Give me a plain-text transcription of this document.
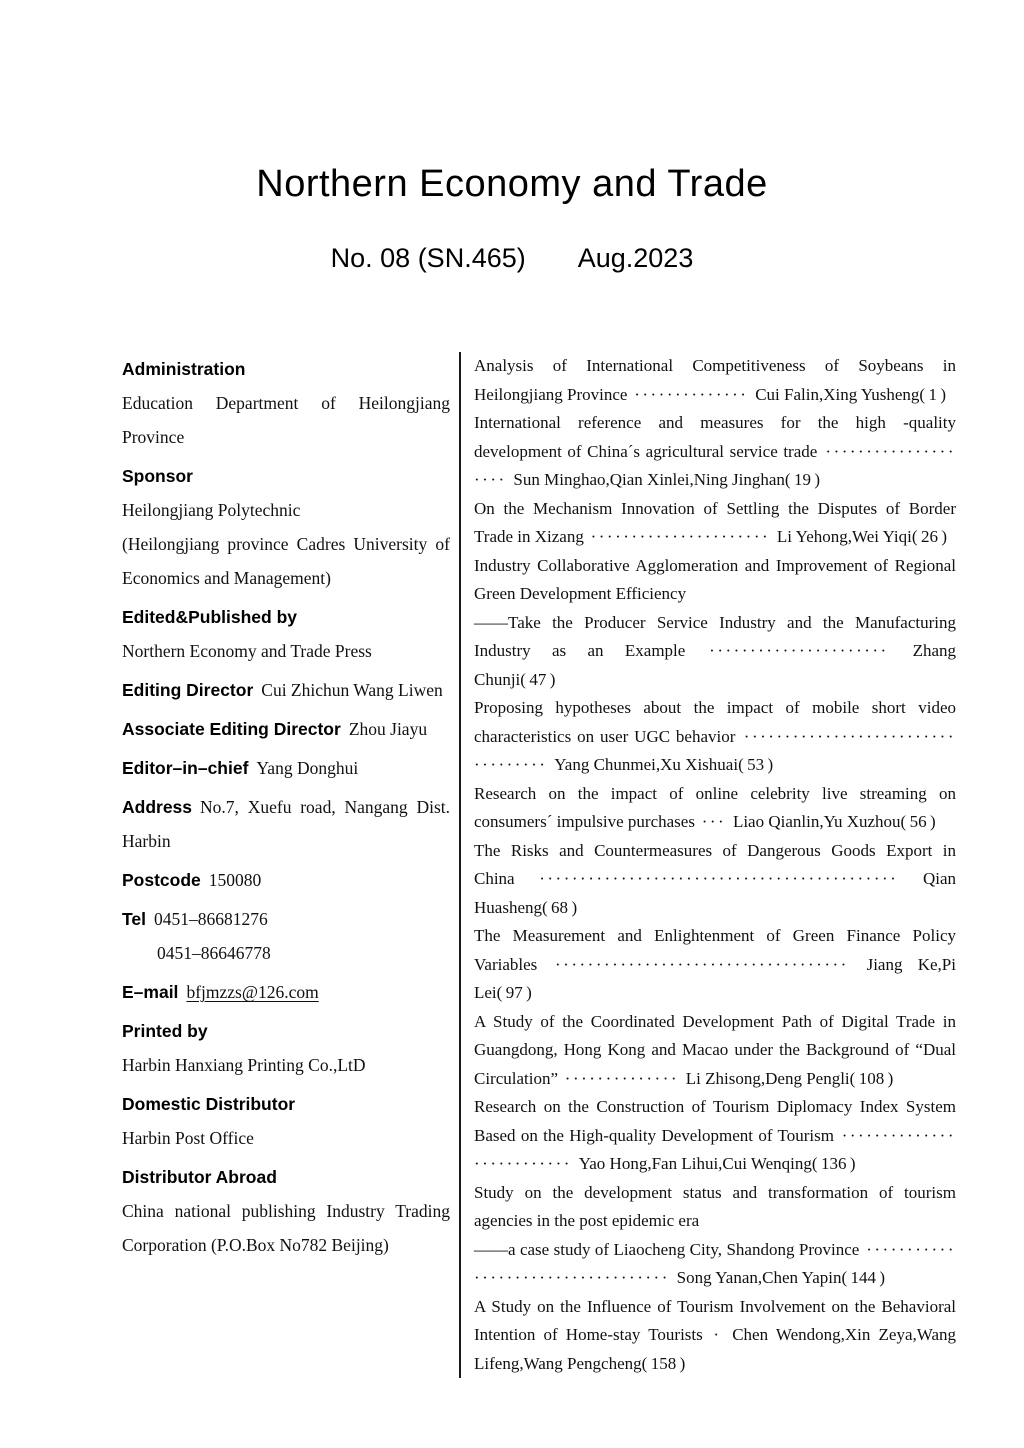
Northern Economy and Trade
No. 08 (SN.465) Aug.2023
Administration
Education Department of Heilongjiang Province
Sponsor
Heilongjiang Polytechnic
(Heilongjiang province Cadres University of Economics and Management)
Edited&Published by
Northern Economy and Trade Press
Editing Director Cui Zhichun Wang Liwen
Associate Editing Director Zhou Jiayu
Editor–in–chief Yang Donghui
Address No.7, Xuefu road, Nangang Dist. Harbin
Postcode 150080
Tel 0451–86681276
0451–86646778
E–mail bfjmzzs@126.com
Printed by
Harbin Hanxiang Printing Co.,LtD
Domestic Distributor
Harbin Post Office
Distributor Abroad
China national publishing Industry Trading Corporation (P.O.Box No782 Beijing)
Analysis of International Competitiveness of Soybeans in Heilongjiang Province ·············· Cui Falin,Xing Yusheng( 1 )
International reference and measures for the high -quality development of China´s agricultural service trade ···················· Sun Minghao,Qian Xinlei,Ning Jinghan( 19 )
On the Mechanism Innovation of Settling the Disputes of Border Trade in Xizang ······················ Li Yehong,Wei Yiqi( 26 )
Industry Collaborative Agglomeration and Improvement of Regional Green Development Efficiency
——Take the Producer Service Industry and the Manufacturing Industry as an Example ······················ Zhang Chunji( 47 )
Proposing hypotheses about the impact of mobile short video characteristics on user UGC behavior ··································· Yang Chunmei,Xu Xishuai( 53 )
Research on the impact of online celebrity live streaming on consumers´ impulsive purchases ··· Liao Qianlin,Yu Xuzhou( 56 )
The Risks and Countermeasures of Dangerous Goods Export in China ············································ Qian Huasheng( 68 )
The Measurement and Enlightenment of Green Finance Policy Variables ···································· Jiang Ke,Pi Lei( 97 )
A Study of the Coordinated Development Path of Digital Trade in Guangdong, Hong Kong and Macao under the Background of “Dual Circulation” ·············· Li Zhisong,Deng Pengli( 108 )
Research on the Construction of Tourism Diplomacy Index System Based on the High-quality Development of Tourism ·························· Yao Hong,Fan Lihui,Cui Wenqing( 136 )
Study on the development status and transformation of tourism agencies in the post epidemic era
——a case study of Liaocheng City, Shandong Province ··································· Song Yanan,Chen Yapin( 144 )
A Study on the Influence of Tourism Involvement on the Behavioral Intention of Home-stay Tourists · Chen Wendong,Xin Zeya,Wang Lifeng,Wang Pengcheng( 158 )
